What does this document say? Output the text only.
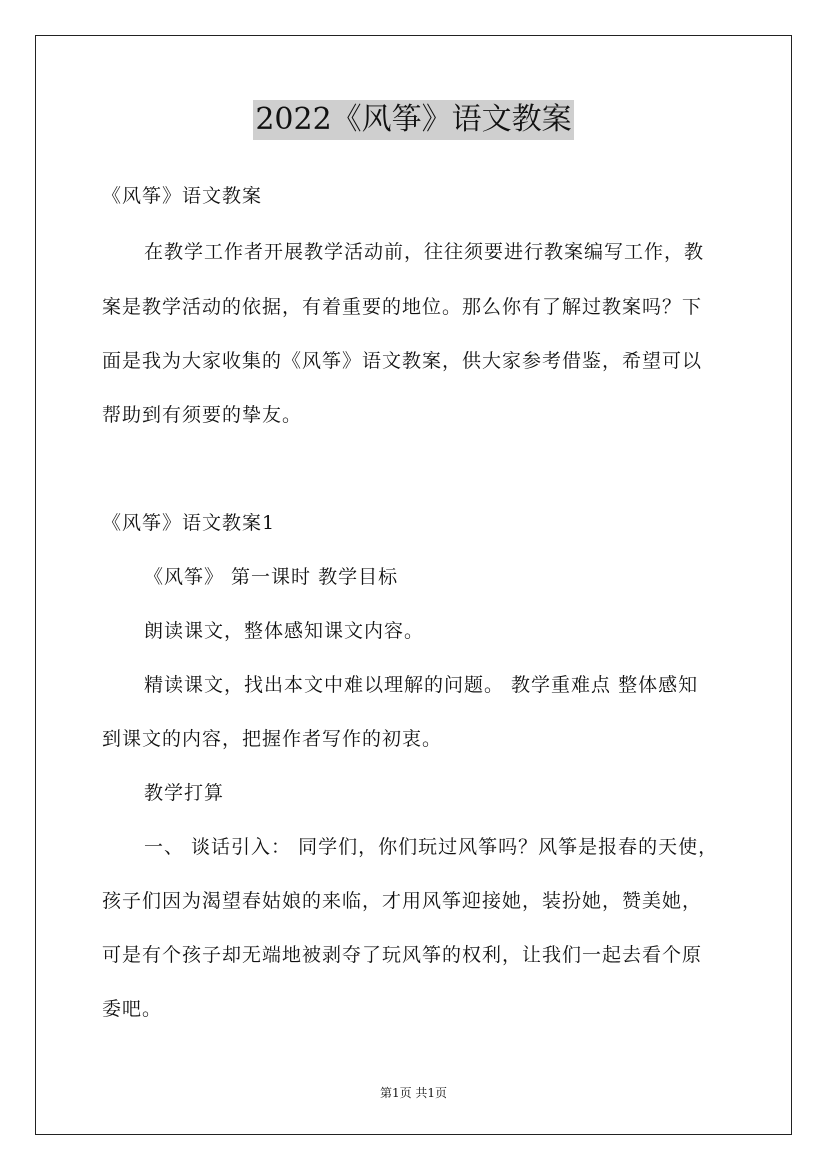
2022《风筝》语文教案
《风筝》语文教案
在教学工作者开展教学活动前，往往须要进行教案编写工作，教
案是教学活动的依据，有着重要的地位。那么你有了解过教案吗？下
面是我为大家收集的《风筝》语文教案，供大家参考借鉴，希望可以
帮助到有须要的挚友。
《风筝》语文教案1
《风筝》 第一课时 教学目标
朗读课文，整体感知课文内容。
精读课文，找出本文中难以理解的问题。 教学重难点 整体感知
到课文的内容，把握作者写作的初衷。
教学打算
一、 谈话引入： 同学们，你们玩过风筝吗？风筝是报春的天使，
孩子们因为渴望春姑娘的来临，才用风筝迎接她，装扮她，赞美她，
可是有个孩子却无端地被剥夺了玩风筝的权利，让我们一起去看个原
委吧。
第1页 共1页
